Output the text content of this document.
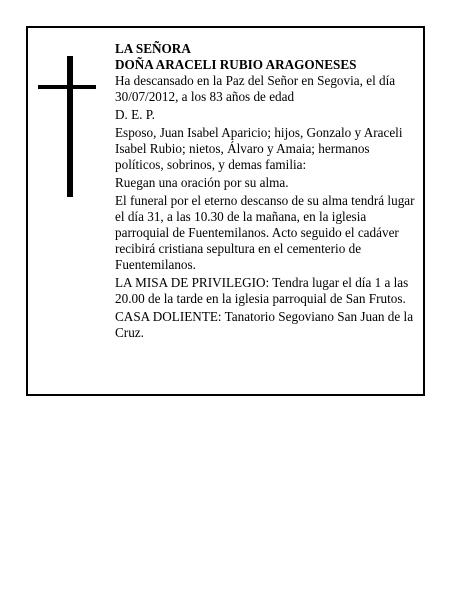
LA SEÑORA

DOÑA ARACELI RUBIO ARAGONESES

Ha descansado en la Paz del Señor en Segovia, el día 30/07/2012, a los 83 años de edad

D. E. P.

Esposo, Juan Isabel Aparicio; hijos, Gonzalo y Araceli Isabel Rubio; nietos, Álvaro y Amaia; hermanos políticos, sobrinos, y demas familia:

Ruegan una oración por su alma.

El funeral por el eterno descanso de su alma tendrá lugar el día 31, a las 10.30 de la mañana, en la iglesia parroquial de Fuentemilanos. Acto seguido el cadáver recibirá cristiana sepultura en el cementerio de Fuentemilanos.

LA MISA DE PRIVILEGIO: Tendra lugar el día 1 a las 20.00 de la tarde en la iglesia parroquial de San Frutos.

CASA DOLIENTE: Tanatorio Segoviano San Juan de la Cruz.
